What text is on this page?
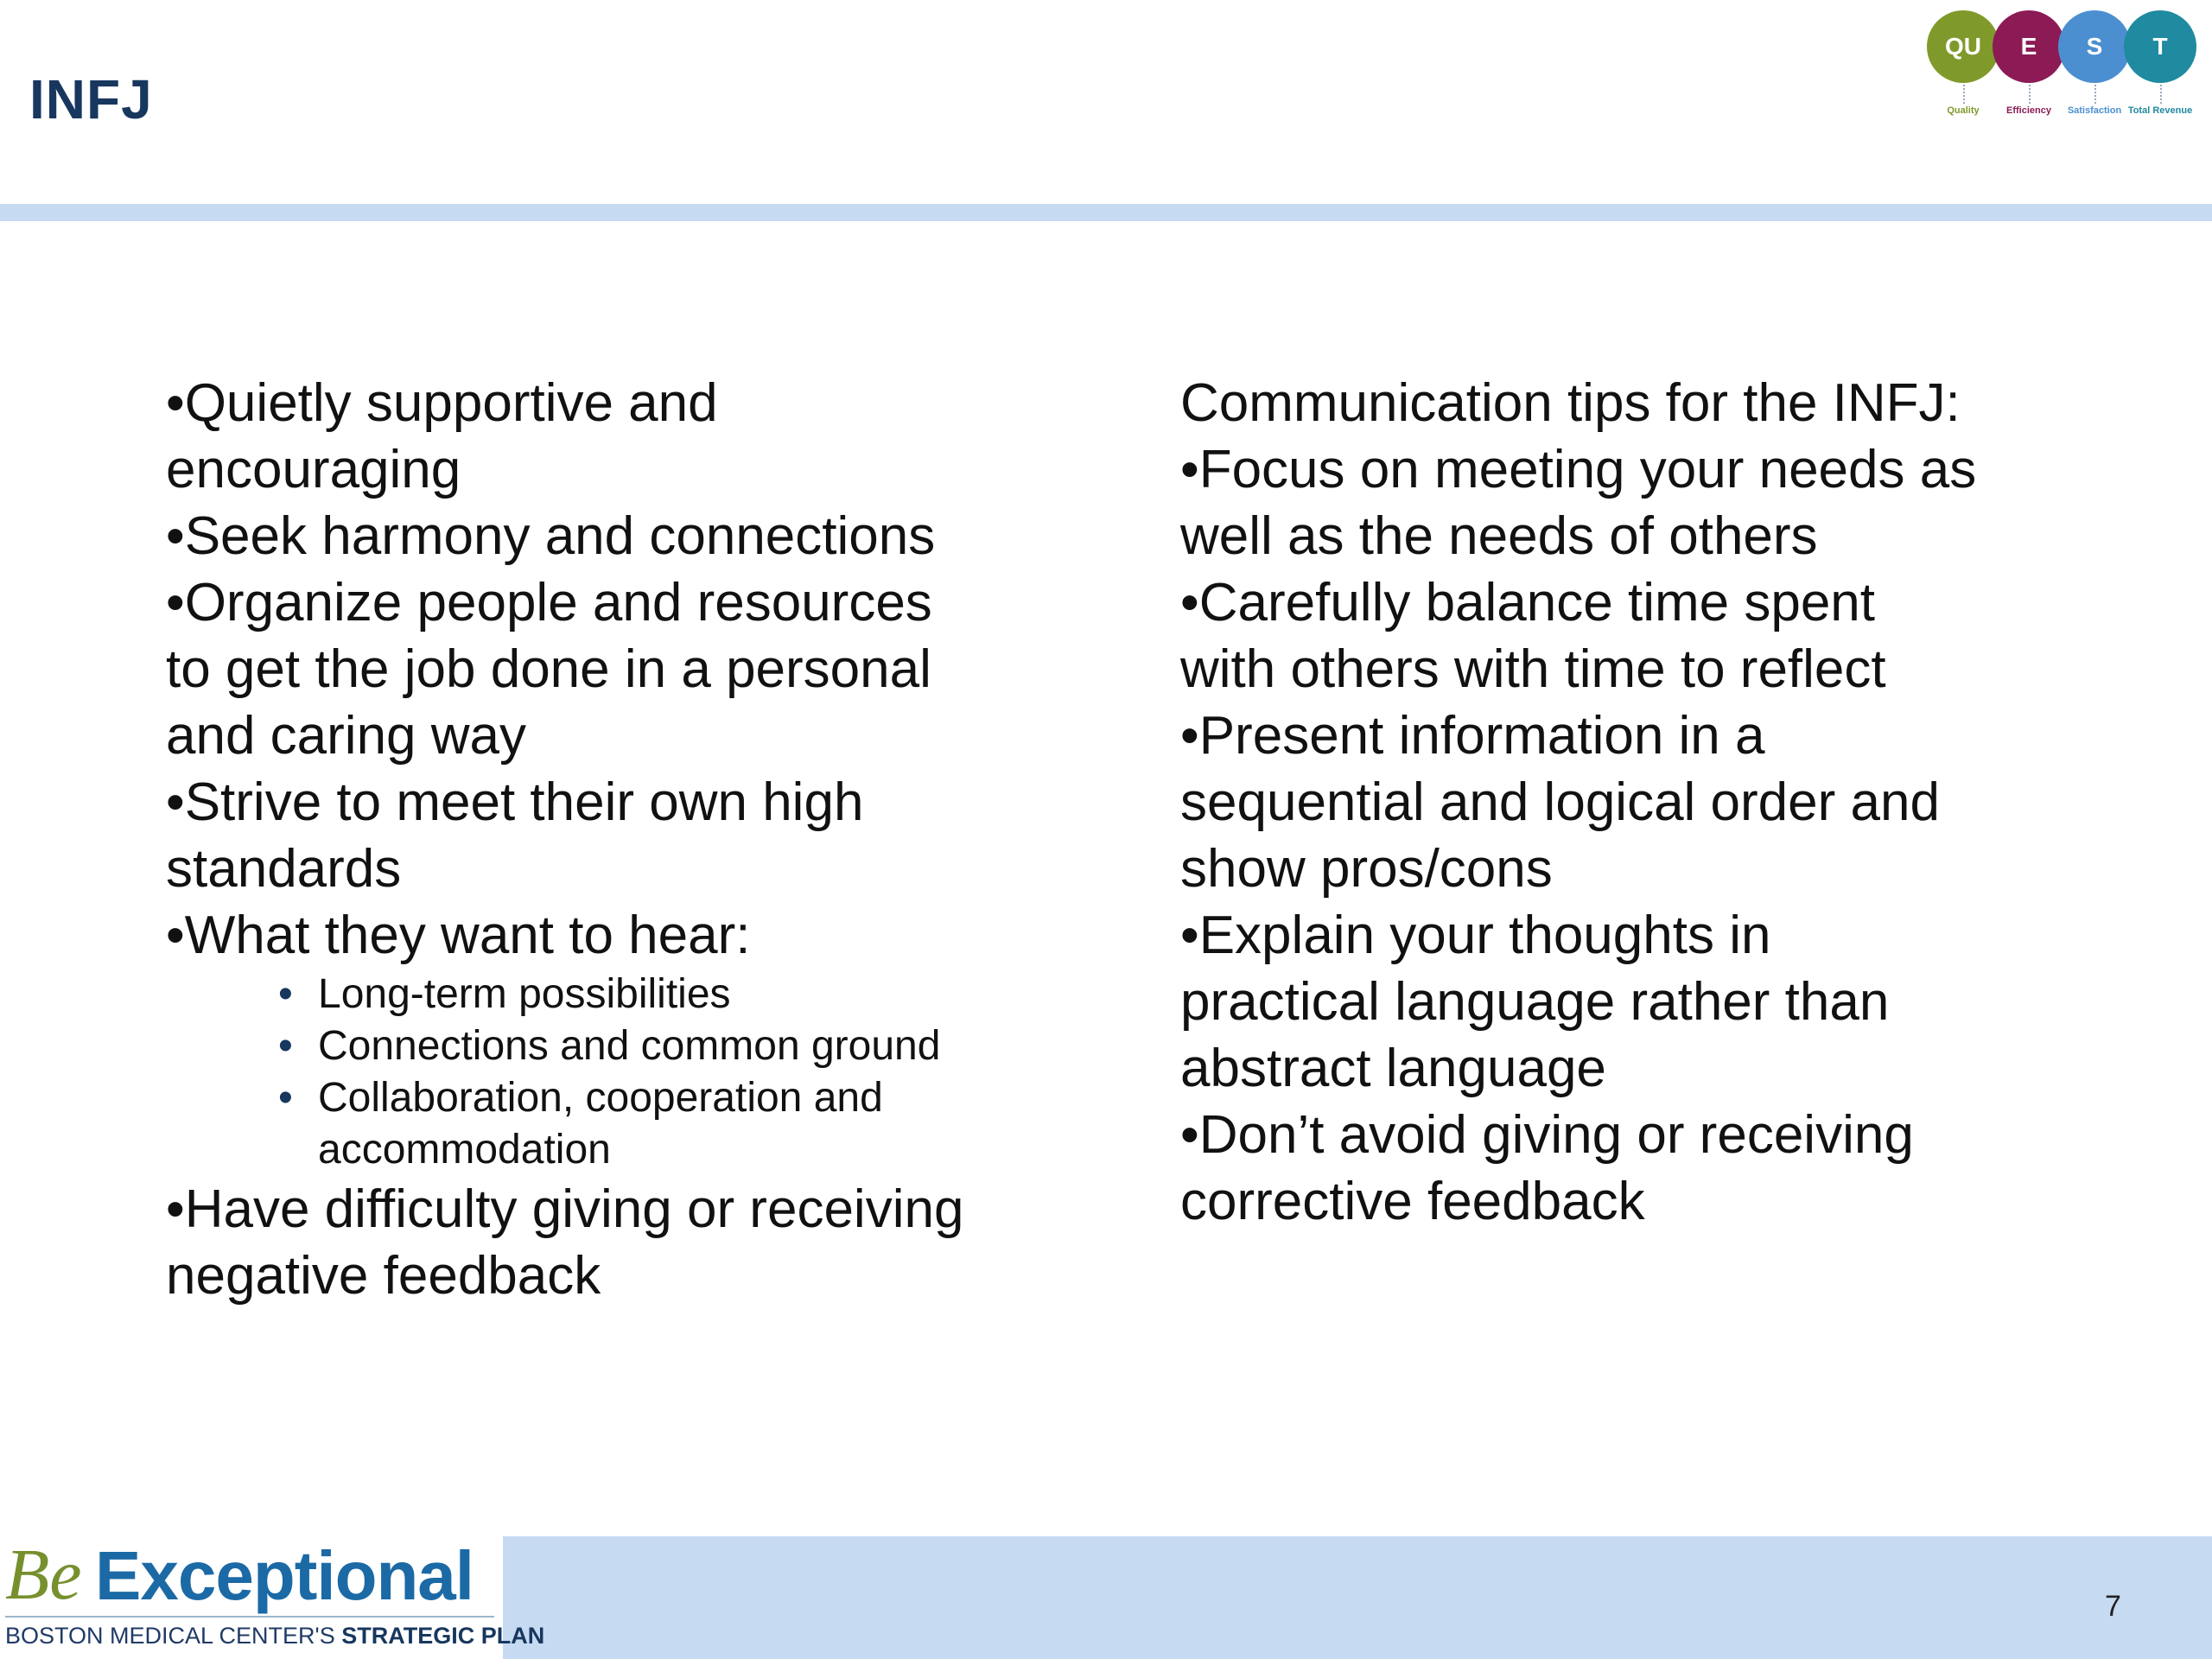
INFJ
QU E S T
Quality	Efficiency	Satisfaction Total Revenue
•Quietly supportive and
encouraging
•Seek harmony and connections
•Organize people and resources
to get the job done in a personal
and caring way
•Strive to meet their own high
standards
•What they want to hear:
• Long-term possibilities
• Connections and common ground
• Collaboration, cooperation and accommodation
•Have difficulty giving or receiving
negative feedback
Communication tips for the INFJ:
•Focus on meeting your needs as
well as the needs of others
•Carefully balance time spent
with others with time to reflect
•Present information in a
sequential and logical order and
show pros/cons
•Explain your thoughts in
practical language rather than
abstract language
•Don’t avoid giving or receiving
corrective feedback
Be Exceptional
BOSTON MEDICAL CENTER'S STRATEGIC PLAN
7
